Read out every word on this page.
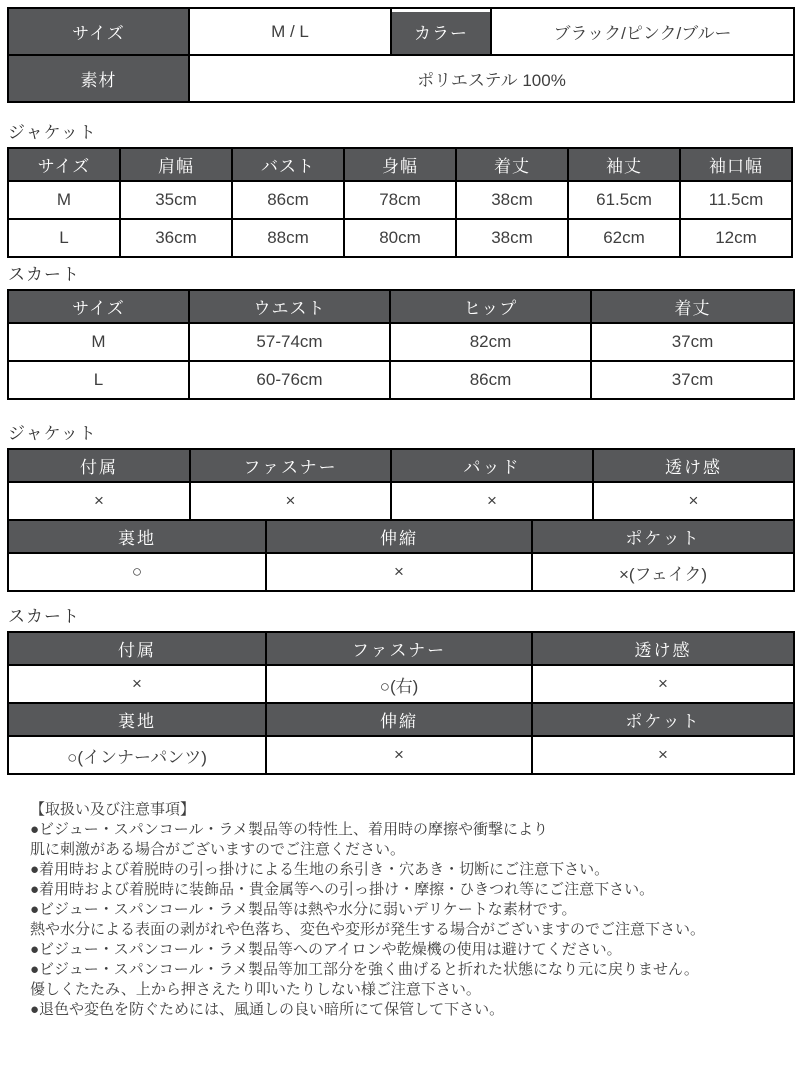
サイズ	M / L	カラー	ブラック/ピンク/ブルー
素材	ポリエステル 100%		
ジャケット
サイズ	肩幅	バスト	身幅	着丈	袖丈	袖口幅
M	35cm	86cm	78cm	38cm	61.5cm	11.5cm
L	36cm	88cm	80cm	38cm	62cm	12cm
スカート
サイズ	ウエスト	ヒップ	着丈
M	57-74cm	82cm	37cm
L	60-76cm	86cm	37cm
ジャケット
付属	ファスナー	パッド	透け感
×	×	×	×
裏地	伸縮	ポケット
○	×	×(フェイク)
スカート
付属	ファスナー	透け感
×	○(右)	×
裏地	伸縮	ポケット
○(インナーパンツ)	×	×
【取扱い及び注意事項】
●ビジュー・スパンコール・ラメ製品等の特性上、着用時の摩擦や衝撃により
肌に刺激がある場合がございますのでご注意ください。
●着用時および着脱時の引っ掛けによる生地の糸引き・穴あき・切断にご注意下さい。
●着用時および着脱時に装飾品・貴金属等への引っ掛け・摩擦・ひきつれ等にご注意下さい。
●ビジュー・スパンコール・ラメ製品等は熱や水分に弱いデリケートな素材です。
熱や水分による表面の剥がれや色落ち、変色や変形が発生する場合がございますのでご注意下さい。
●ビジュー・スパンコール・ラメ製品等へのアイロンや乾燥機の使用は避けてください。
●ビジュー・スパンコール・ラメ製品等加工部分を強く曲げると折れた状態になり元に戻りません。
優しくたたみ、上から押さえたり叩いたりしない様ご注意下さい。
●退色や変色を防ぐためには、風通しの良い暗所にて保管して下さい。
